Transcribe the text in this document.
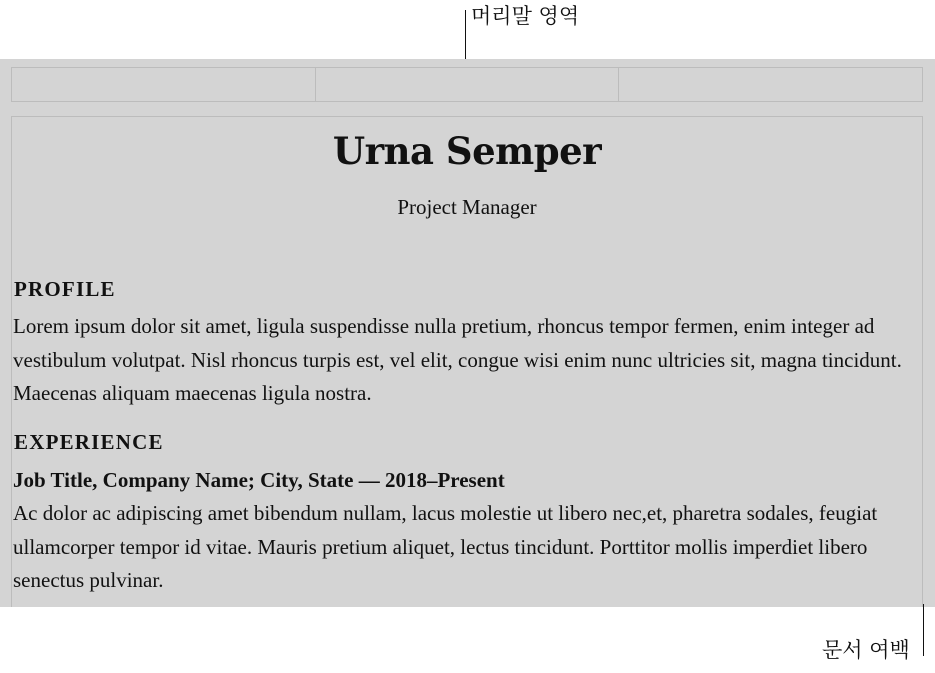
머리말 영역
Urna Semper

Project Manager

PROFILE

Lorem ipsum dolor sit amet, ligula suspendisse nulla pretium, rhoncus tempor fermen, enim integer ad vestibulum volutpat. Nisl rhoncus turpis est, vel elit, congue wisi enim nunc ultricies sit, magna tincidunt. Maecenas aliquam maecenas ligula nostra.

EXPERIENCE

Job Title, Company Name; City, State — 2018–Present

Ac dolor ac adipiscing amet bibendum nullam, lacus molestie ut libero nec,et, pharetra sodales, feugiat ullamcorper tempor id vitae. Mauris pretium aliquet, lectus tincidunt. Porttitor mollis imperdiet libero senectus pulvinar.

문서 여백
